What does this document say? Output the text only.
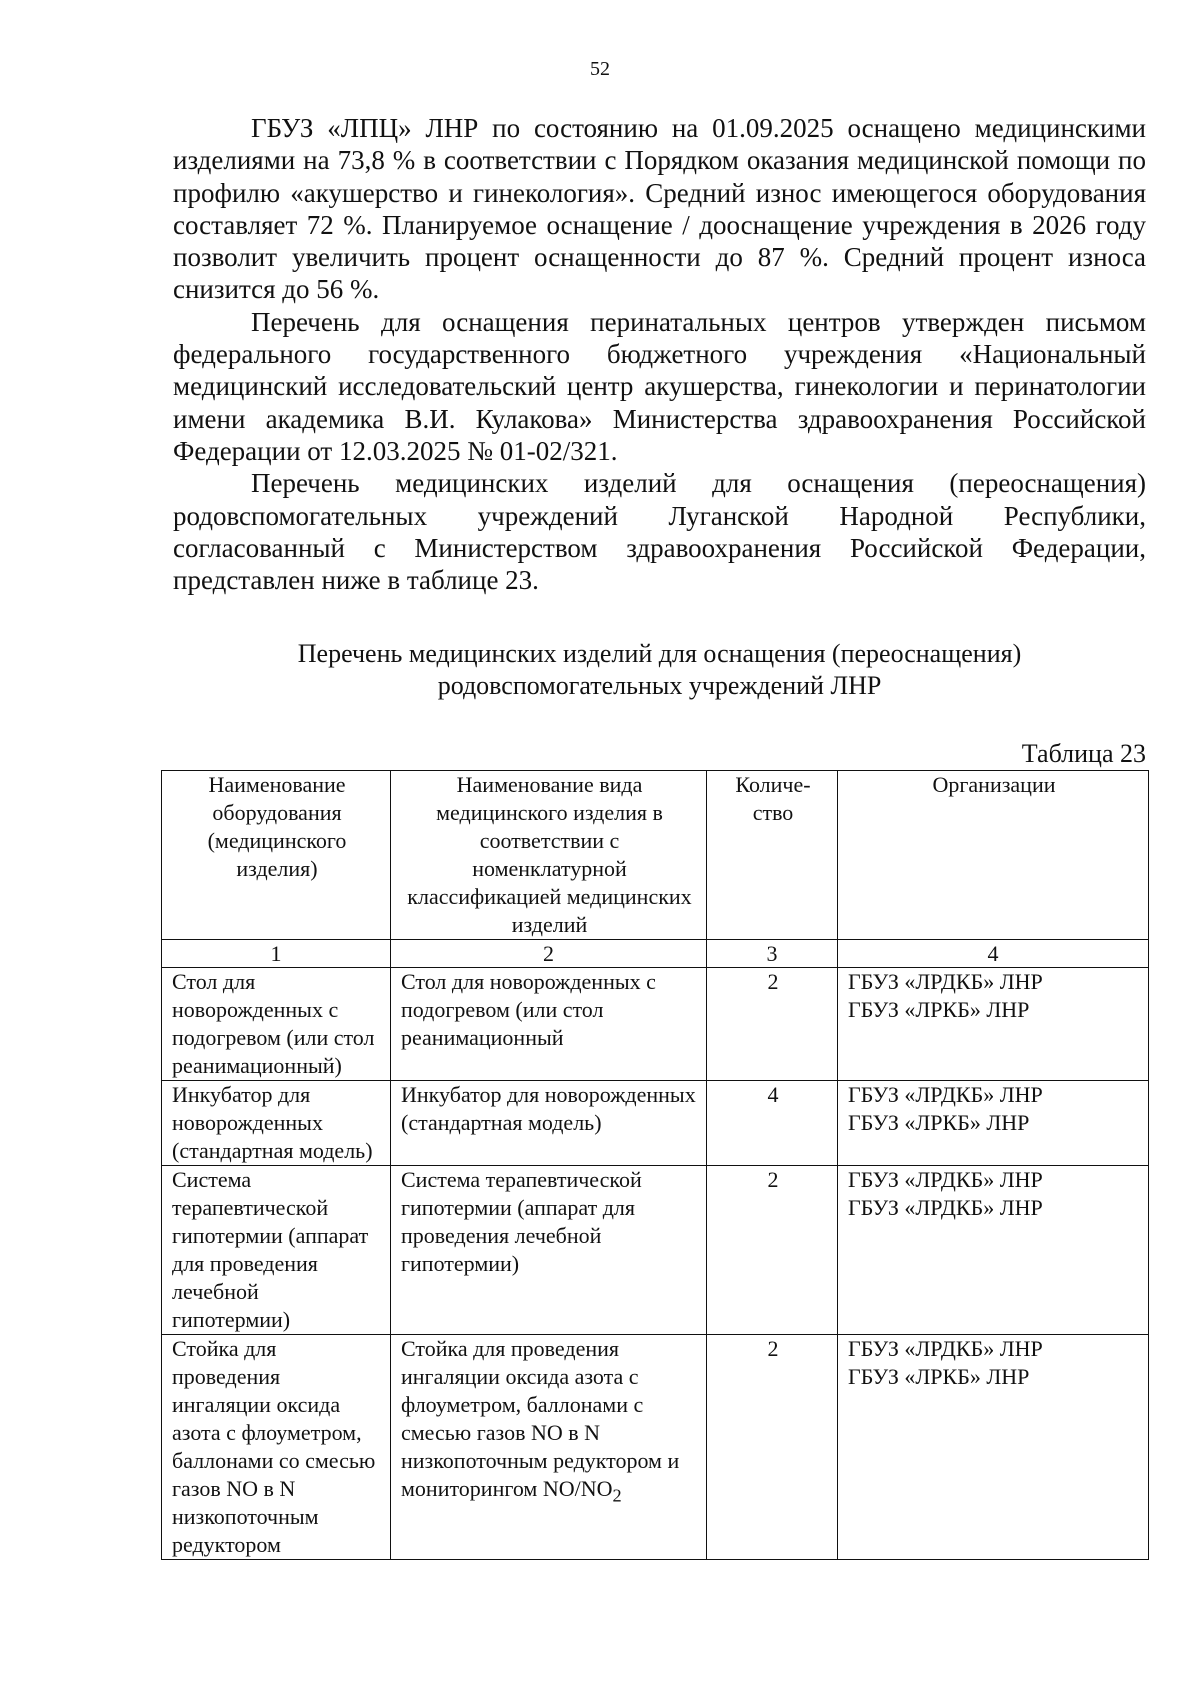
52

ГБУЗ «ЛПЦ» ЛНР по состоянию на 01.09.2025 оснащено медицинскими изделиями на 73,8 % в соответствии с Порядком оказания медицинской помощи по профилю «акушерство и гинекология». Средний износ имеющегося оборудования составляет 72 %. Планируемое оснащение / дооснащение учреждения в 2026 году позволит увеличить процент оснащенности до 87 %. Средний процент износа снизится до 56 %.

Перечень для оснащения перинатальных центров утвержден письмом федерального государственного бюджетного учреждения «Национальный медицинский исследовательский центр акушерства, гинекологии и перинатологии имени академика В.И. Кулакова» Министерства здравоохранения Российской Федерации от 12.03.2025 № 01-02/321.

Перечень медицинских изделий для оснащения (переоснащения) родовспомогательных учреждений Луганской Народной Республики, согласованный с Министерством здравоохранения Российской Федерации, представлен ниже в таблице 23.

Перечень медицинских изделий для оснащения (переоснащения)
родовспомогательных учреждений ЛНР
Таблица 23
Наименование оборудования (медицинского изделия)	Наименование вида медицинского изделия в соответствии с номенклатурной классификацией медицинских изделий	Количе-ство	Организации
1	2	3	4
Стол для новорожденных с подогревом (или стол реанимационный)	Стол для новорожденных с подогревом (или стол реанимационный	2	ГБУЗ «ЛРДКБ» ЛНР
ГБУЗ «ЛРКБ» ЛНР

Инкубатор для новорожденных (стандартная модель)	Инкубатор для новорожденных (стандартная модель)	4	ГБУЗ «ЛРДКБ» ЛНР
ГБУЗ «ЛРКБ» ЛНР

Система терапевтической гипотермии (аппарат для проведения лечебной гипотермии)	Система терапевтической гипотермии (аппарат для проведения лечебной гипотермии)	2	ГБУЗ «ЛРДКБ» ЛНР
ГБУЗ «ЛРДКБ» ЛНР

Стойка для проведения ингаляции оксида азота с флоуметром, баллонами со смесью газов NO в N низкопоточным редуктором	Стойка для проведения ингаляции оксида азота с флоуметром, баллонами с смесью газов NO в N низкопоточным редуктором и мониторингом $NO/NO_2$	2	ГБУЗ «ЛРДКБ» ЛНР
ГБУЗ «ЛРКБ» ЛНР
